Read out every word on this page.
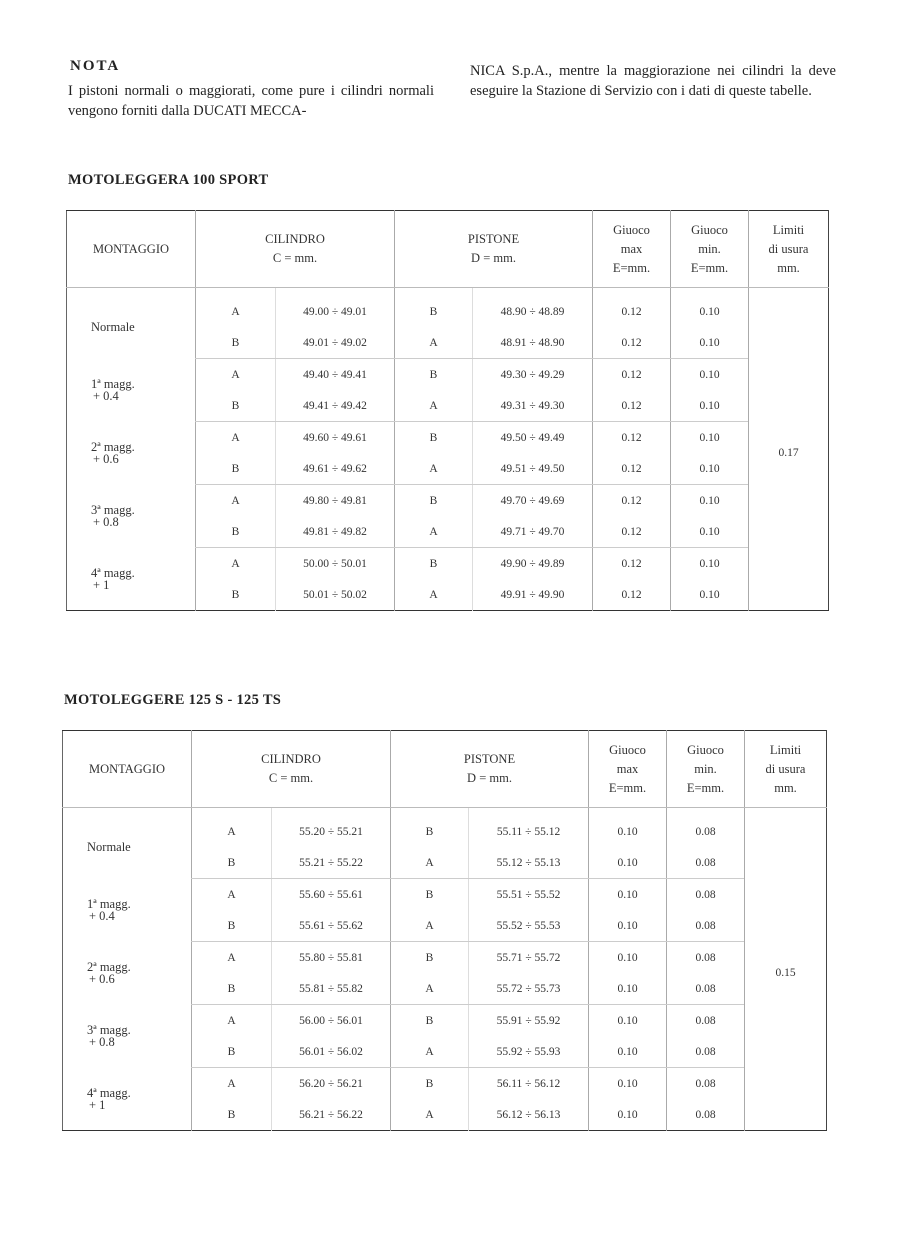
NOTA
I pistoni normali o maggiorati, come pure i cilindri normali vengono forniti dalla DUCATI MECCA-
NICA S.p.A., mentre la maggiorazione nei cilindri la deve eseguire la Stazione di Servizio con i dati di queste tabelle.
MOTOLEGGERA 100 SPORT
MONTAGGIO	CILINDRO
C = mm.		PISTONE
D = mm.		Giuoco
max
E=mm.	Giuoco
min.
E=mm.	Limiti
di usura
mm.
Normale	A	49.00 ÷ 49.01	B	48.90 ÷ 48.89	0.12	0.10	0.17
	B	49.01 ÷ 49.02	A	48.91 ÷ 48.90	0.12	0.10	
1ª magg.
+ 0.4	A	49.40 ÷ 49.41	B	49.30 ÷ 49.29	0.12	0.10	
	B	49.41 ÷ 49.42	A	49.31 ÷ 49.30	0.12	0.10	
2ª magg.
+ 0.6	A	49.60 ÷ 49.61	B	49.50 ÷ 49.49	0.12	0.10	
	B	49.61 ÷ 49.62	A	49.51 ÷ 49.50	0.12	0.10	
3ª magg.
+ 0.8	A	49.80 ÷ 49.81	B	49.70 ÷ 49.69	0.12	0.10	
	B	49.81 ÷ 49.82	A	49.71 ÷ 49.70	0.12	0.10	
4ª magg.
+ 1	A	50.00 ÷ 50.01	B	49.90 ÷ 49.89	0.12	0.10	
	B	50.01 ÷ 50.02	A	49.91 ÷ 49.90	0.12	0.10	
MOTOLEGGERE 125 S - 125 TS
MONTAGGIO	CILINDRO
C = mm.		PISTONE
D = mm.		Giuoco
max
E=mm.	Giuoco
min.
E=mm.	Limiti
di usura
mm.
Normale	A	55.20 ÷ 55.21	B	55.11 ÷ 55.12	0.10	0.08	0.15
	B	55.21 ÷ 55.22	A	55.12 ÷ 55.13	0.10	0.08	
1ª magg.
+ 0.4	A	55.60 ÷ 55.61	B	55.51 ÷ 55.52	0.10	0.08	
	B	55.61 ÷ 55.62	A	55.52 ÷ 55.53	0.10	0.08	
2ª magg.
+ 0.6	A	55.80 ÷ 55.81	B	55.71 ÷ 55.72	0.10	0.08	
	B	55.81 ÷ 55.82	A	55.72 ÷ 55.73	0.10	0.08	
3ª magg.
+ 0.8	A	56.00 ÷ 56.01	B	55.91 ÷ 55.92	0.10	0.08	
	B	56.01 ÷ 56.02	A	55.92 ÷ 55.93	0.10	0.08	
4ª magg.
+ 1	A	56.20 ÷ 56.21	B	56.11 ÷ 56.12	0.10	0.08	
	B	56.21 ÷ 56.22	A	56.12 ÷ 56.13	0.10	0.08	
